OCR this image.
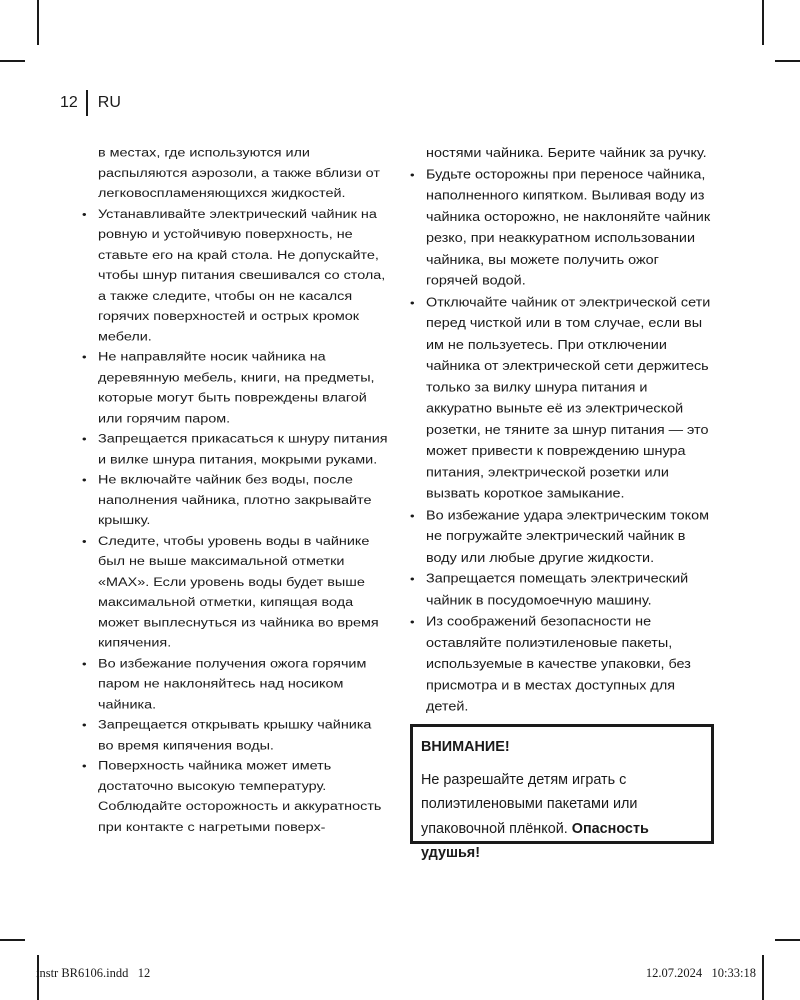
12	RU

в местах, где используются или распыляются аэрозоли, а также вблизи от легковоспламеняющихся жидкостей.

• Устанавливайте электрический чайник на ровную и устойчивую поверхность, не ставьте его на край стола. Не допускайте, чтобы шнур питания свешивался со стола, а также следите, чтобы он не касался горячих поверхностей и острых кромок мебели.
• Не направляйте носик чайника на деревянную мебель, книги, на предметы, которые могут быть повреждены влагой или горячим паром.
• Запрещается прикасаться к шнуру питания и вилке шнура питания, мокрыми руками.
• Не включайте чайник без воды, после наполнения чайника, плотно закрывайте крышку.
• Следите, чтобы уровень воды в чайнике был не выше максимальной отметки «MAX». Если уровень воды будет выше максимальной отметки, кипящая вода может выплеснуться из чайника во время кипячения.
• Во избежание получения ожога горячим паром не наклоняйтесь над носиком чайника.
• Запрещается открывать крышку чайника во время кипячения воды.
• Поверхность чайника может иметь достаточно высокую температуру. Соблюдайте осторожность и аккуратность при контакте с нагретыми поверх-

ностями чайника. Берите чайник за ручку.

• Будьте осторожны при переносе чайника, наполненного кипятком. Выливая воду из чайника осторожно, не наклоняйте чайник резко, при неаккуратном использовании чайника, вы можете получить ожог горячей водой.
• Отключайте чайник от электрической сети перед чисткой или в том случае, если вы им не пользуетесь. При отключении чайника от электрической сети держитесь только за вилку шнура питания и аккуратно выньте её из электрической розетки, не тяните за шнур питания — это может привести к повреждению шнура питания, электрической розетки или вызвать короткое замыкание.
• Во избежание удара электрическим током не погружайте электрический чайник в воду или любые другие жидкости.
• Запрещается помещать электрический чайник в посудомоечную машину.
• Из соображений безопасности не оставляйте полиэтиленовые пакеты, используемые в качестве упаковки, без присмотра и в местах доступных для детей.
ВНИМАНИЕ!

Не разрешайте детям играть с полиэтиленовыми пакетами или упаковочной плёнкой. Опасность удушья!

instr BR6106.indd   12	12.07.2024   10:33:18
